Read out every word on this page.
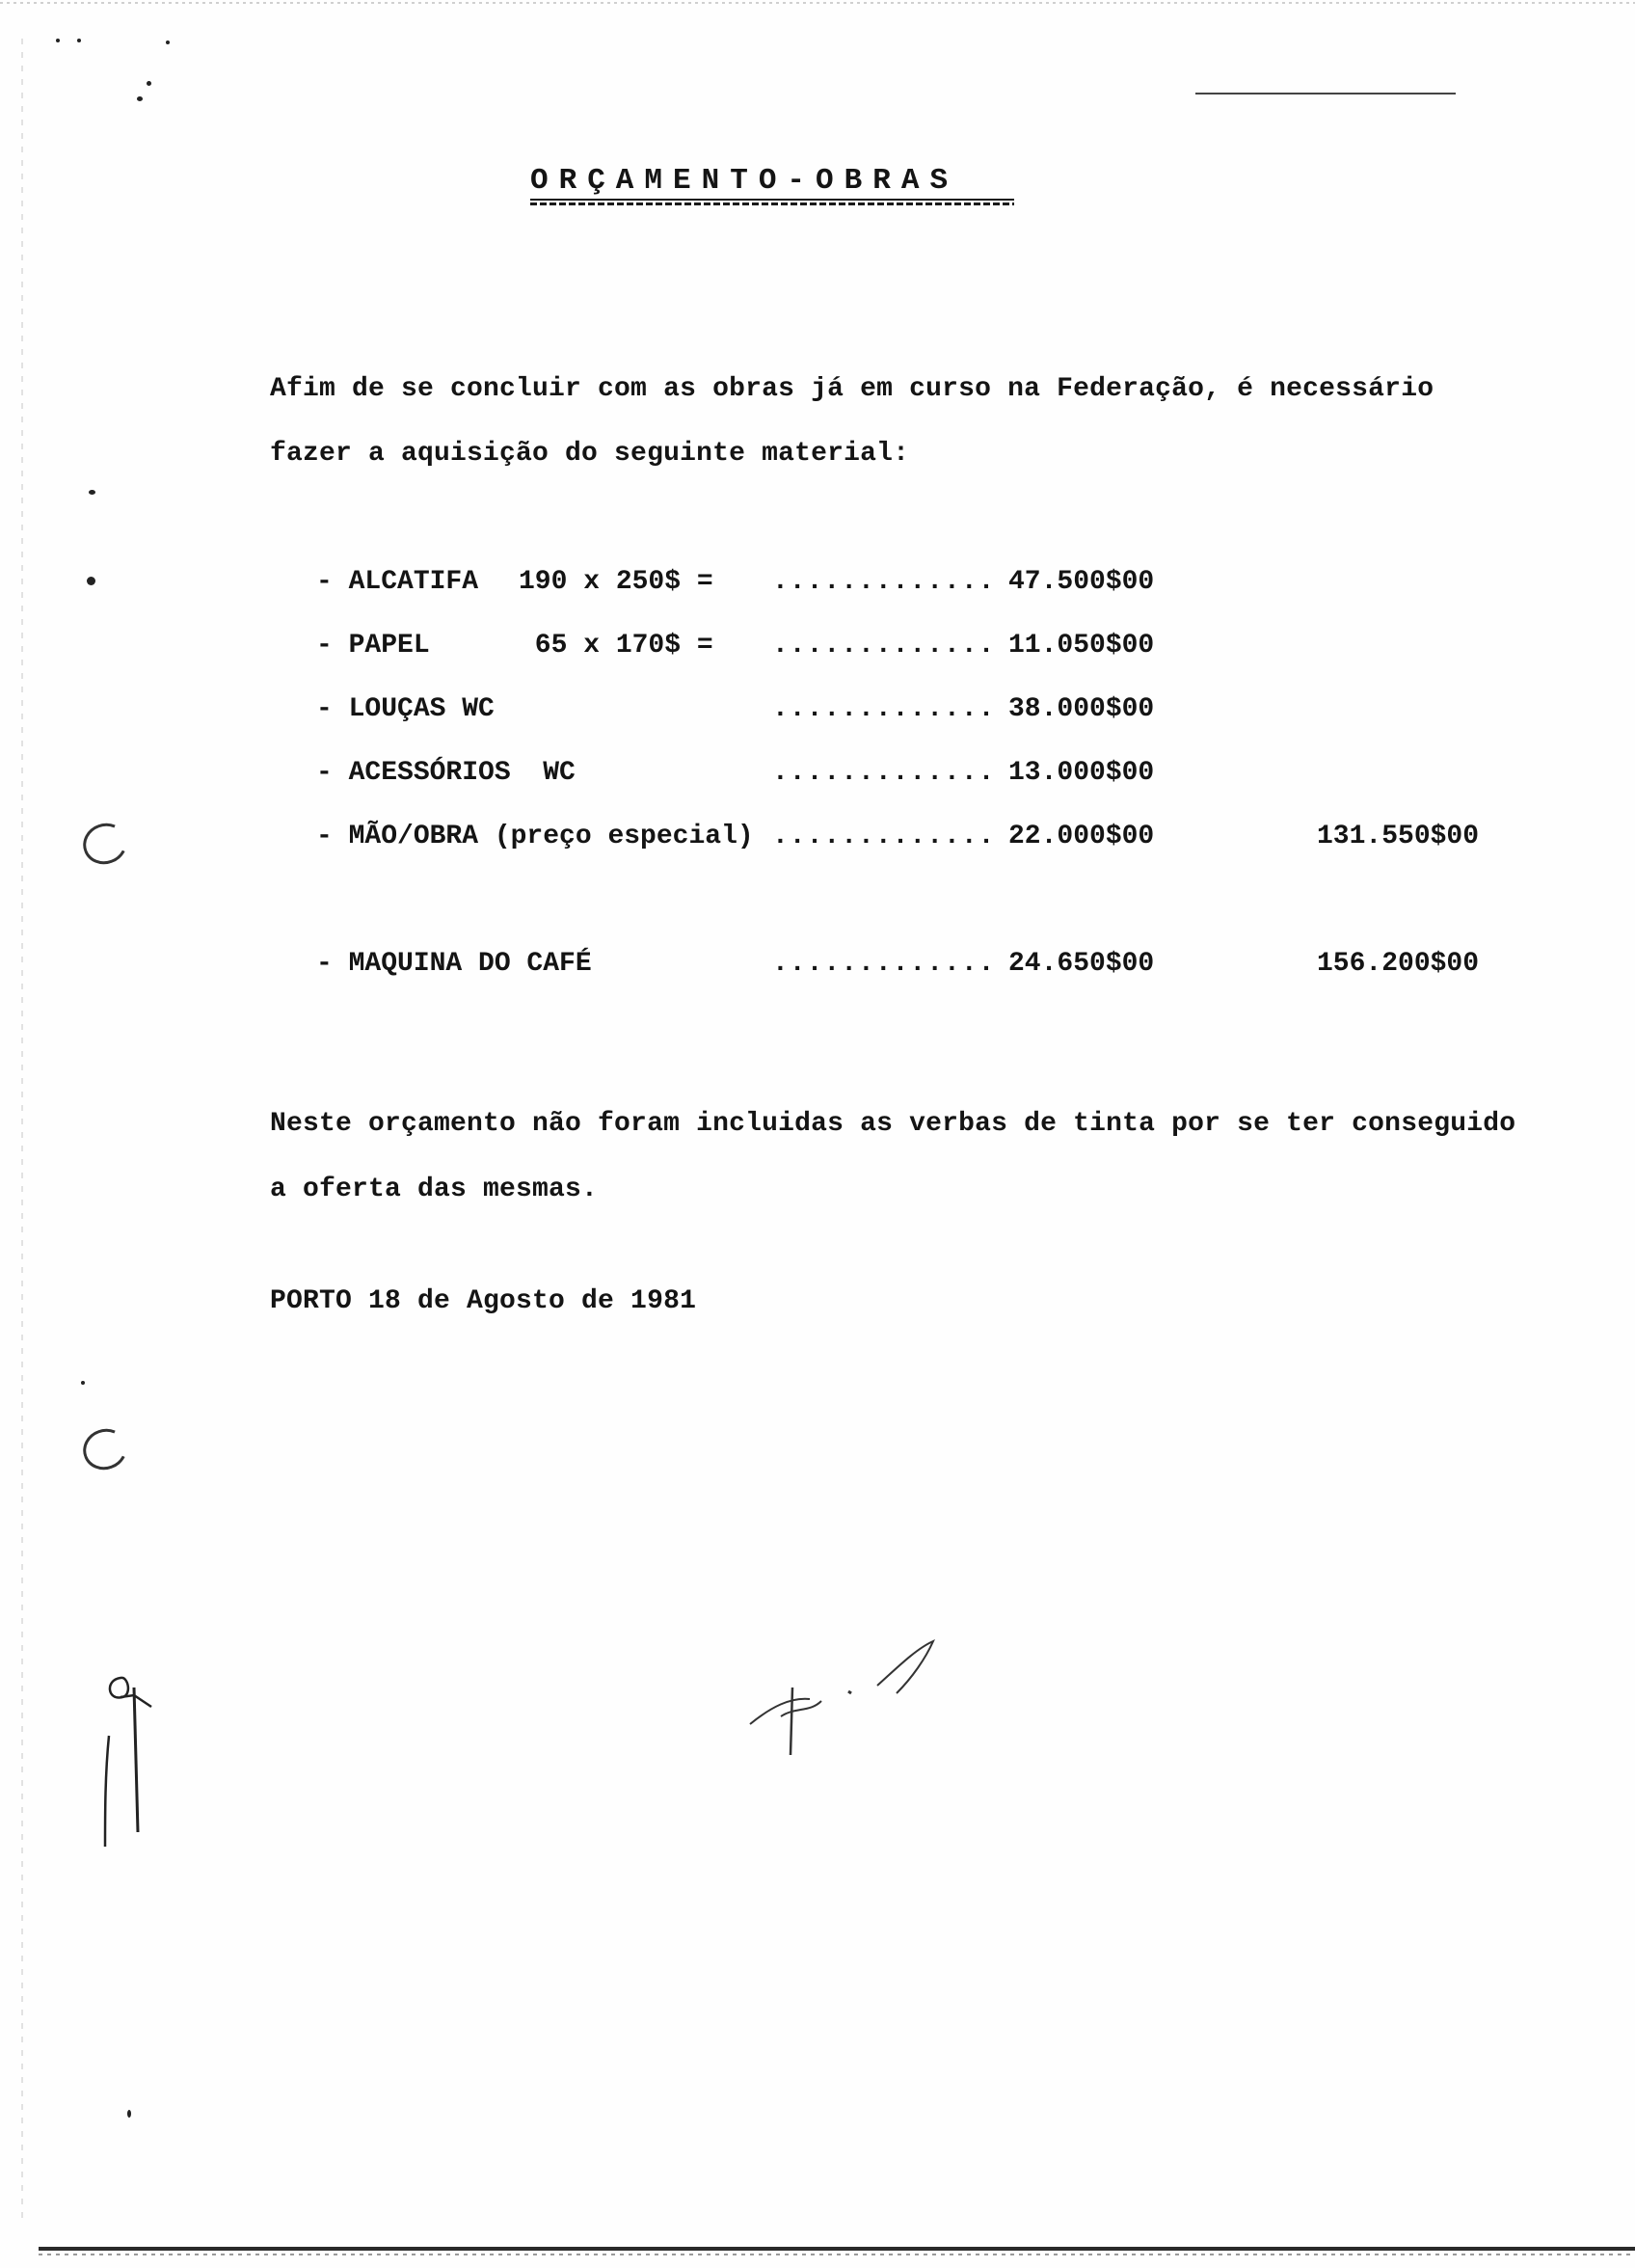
ORÇAMENTO-OBRAS
Afim de se concluir com as obras já em curso na Federação, é necessário
fazer a aquisição do seguinte material:
- ALCATIFA 190 x 250$ = ............. 47.500$00
- PAPEL	65 x 170$ = ............. 11.050$00
- LOUÇAS WC	............. 38.000$00
- ACESSÓRIOS  WC	............. 13.000$00
- MÃO/OBRA (preço especial) ............. 22.000$00	131.550$00
- MAQUINA DO CAFÉ	............. 24.650$00	156.200$00
Neste orçamento não foram incluidas as verbas de tinta por se ter conseguido
a oferta das mesmas.
PORTO 18 de Agosto de 1981
